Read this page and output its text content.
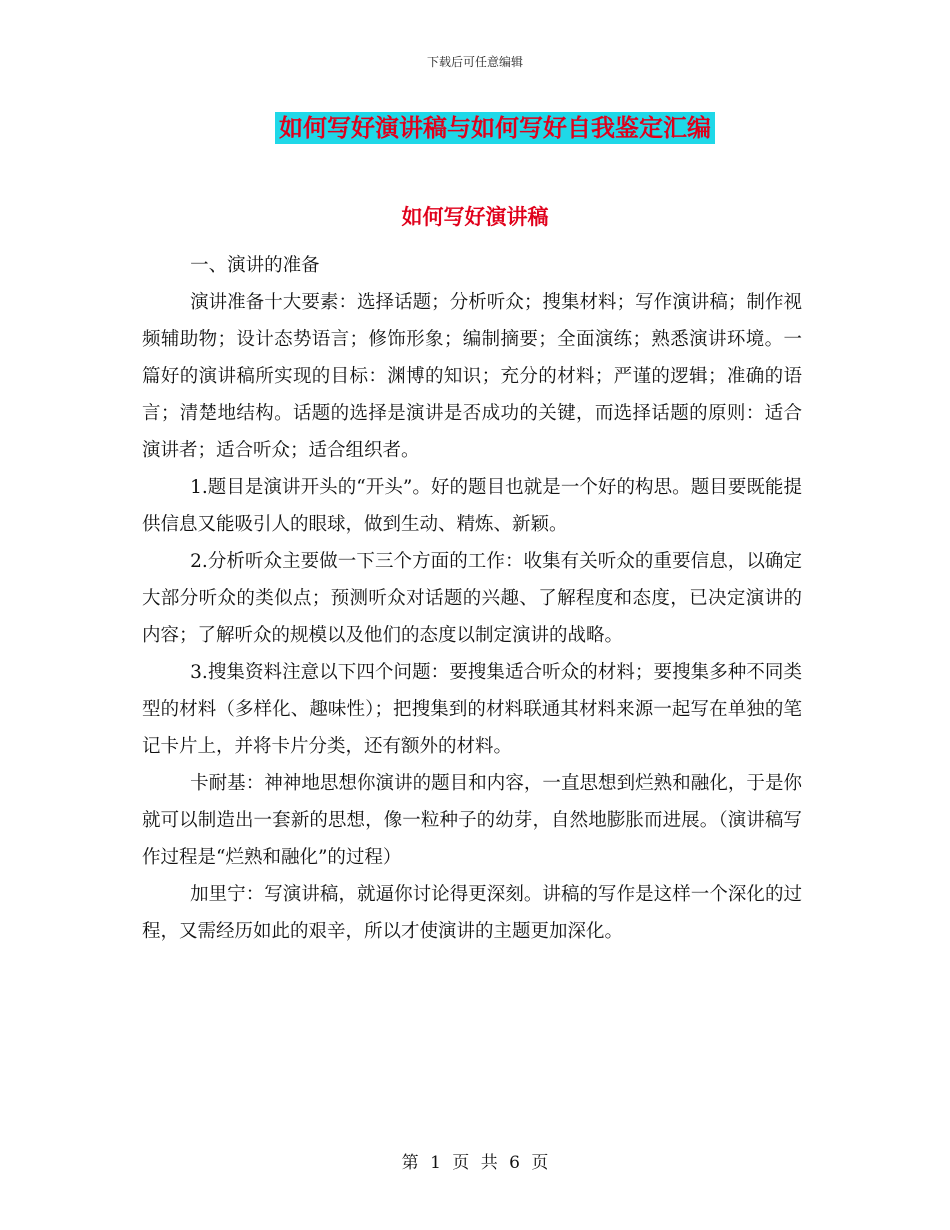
下载后可任意编辑
如何写好演讲稿与如何写好自我鉴定汇编
如何写好演讲稿

一、演讲的准备

演讲准备十大要素：选择话题；分析听众；搜集材料；写作演讲稿；制作视频辅助物；设计态势语言；修饰形象；编制摘要；全面演练；熟悉演讲环境。一篇好的演讲稿所实现的目标：渊博的知识；充分的材料；严谨的逻辑；准确的语言；清楚地结构。话题的选择是演讲是否成功的关键，而选择话题的原则：适合演讲者；适合听众；适合组织者。

1.题目是演讲开头的“开头”。好的题目也就是一个好的构思。题目要既能提供信息又能吸引人的眼球，做到生动、精炼、新颖。

2.分析听众主要做一下三个方面的工作：收集有关听众的重要信息，以确定大部分听众的类似点；预测听众对话题的兴趣、了解程度和态度，已决定演讲的内容；了解听众的规模以及他们的态度以制定演讲的战略。

3.搜集资料注意以下四个问题：要搜集适合听众的材料；要搜集多种不同类型的材料（多样化、趣味性）；把搜集到的材料联通其材料来源一起写在单独的笔记卡片上，并将卡片分类，还有额外的材料。

卡耐基：神神地思想你演讲的题目和内容，一直思想到烂熟和融化，于是你就可以制造出一套新的思想，像一粒种子的幼芽，自然地膨胀而进展。（演讲稿写作过程是“烂熟和融化”的过程）

加里宁：写演讲稿，就逼你讨论得更深刻。讲稿的写作是这样一个深化的过程，又需经历如此的艰辛，所以才使演讲的主题更加深化。

第 1 页 共 6 页
